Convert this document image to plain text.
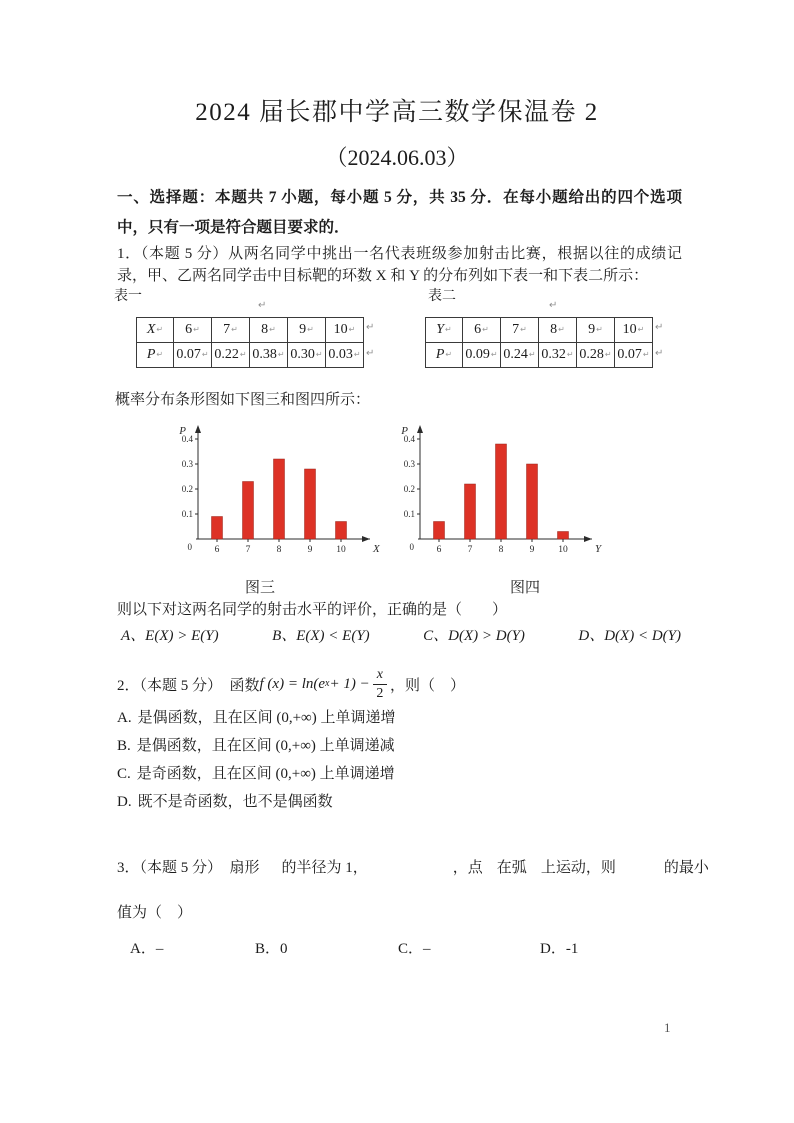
2024 届长郡中学高三数学保温卷 2
（2024.06.03）
一、选择题：本题共 7 小题，每小题 5 分，共 35 分．在每小题给出的四个选项中，只有一项是符合题目要求的．
1．（本题 5 分）从两名同学中挑出一名代表班级参加射击比赛，根据以往的成绩记录，甲、乙两名同学击中目标靶的环数 X 和 Y 的分布列如下表一和下表二所示：
表一	表二
↵	↵
↵
↵
↵
↵
X↵	6↵	7↵	8↵	9↵	10↵
P↵	0.07↵	0.22↵	0.38↵	0.30↵	0.03↵
Y↵	6↵	7↵	8↵	9↵	10↵
P↵	0.09↵	0.24↵	0.32↵	0.28↵	0.07↵
概率分布条形图如下图三和图四所示：
P
X
0
0.1
0.2
0.3
0.4
6	7	8	9	10
P
Y
0
0.1
0.2
0.3
0.4
6	7	8	9	10
图三	图四
则以下对这两名同学的射击水平的评价，正确的是（　　）
A、E(X) > E(Y)	B、E(X) < E(Y)	C、D(X) > D(Y)	D、D(X) < D(Y)
2．（本题 5 分）　函数 f (x) = ln(e $x + 1) - \frac{x}{2}$ ，则（　）
A. 是偶函数，且在区间 (0,+∞) 上单调递增
B. 是偶函数，且在区间 (0,+∞) 上单调递减
C. 是奇函数，且在区间 (0,+∞) 上单调递增
D. 既不是奇函数，也不是偶函数
3．（本题 5 分）　扇形 的半径为 1，	，点 在弧 上运动，则	的最小
值为（　）
A．–	B．0	C．–	D．-1
1
